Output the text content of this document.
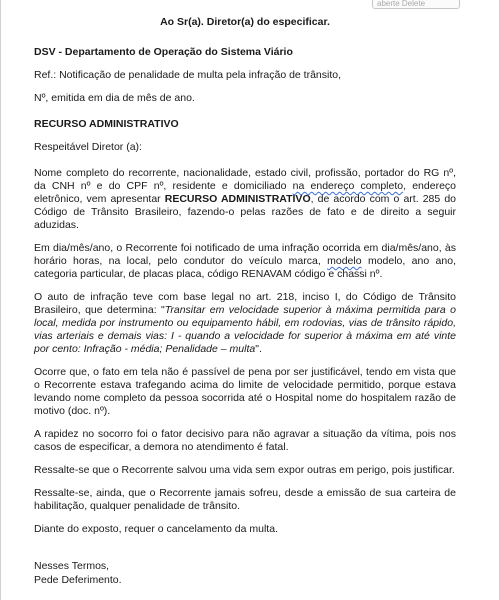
aberte Delete
Ao Sr(a). Diretor(a) do especificar.
DSV - Departamento de Operação do Sistema Viário
Ref.: Notificação de penalidade de multa pela infração de trânsito,
Nº, emitida em dia de mês de ano.
RECURSO ADMINISTRATIVO
Respeitável Diretor (a):
Nome completo do recorrente, nacionalidade, estado civil, profissão, portador do RG nº, da CNH nº e do CPF nº, residente e domiciliado na endereço completo, endereço eletrônico, vem apresentar RECURSO ADMINISTRATIVO, de acordo com o art. 285 do Código de Trânsito Brasileiro, fazendo-o pelas razões de fato e de direito a seguir aduzidas.
Em dia/mês/ano, o Recorrente foi notificado de uma infração ocorrida em dia/mês/ano, às horário horas, na local, pelo condutor do veículo marca, modelo modelo, ano ano, categoria particular, de placas placa, código RENAVAM código e chassi nº.
O auto de infração teve com base legal no art. 218, inciso I, do Código de Trânsito Brasileiro, que determina: "Transitar em velocidade superior à máxima permitida para o local, medida por instrumento ou equipamento hábil, em rodovias, vias de trânsito rápido, vias arteriais e demais vias: I - quando a velocidade for superior à máxima em até vinte por cento: Infração - média; Penalidade – multa".
Ocorre que, o fato em tela não é passível de pena por ser justificável, tendo em vista que o Recorrente estava trafegando acima do limite de velocidade permitido, porque estava levando nome completo da pessoa socorrida até o Hospital nome do hospitalem razão de motivo (doc. nº).
A rapidez no socorro foi o fator decisivo para não agravar a situação da vítima, pois nos casos de especificar, a demora no atendimento é fatal.
Ressalte-se que o Recorrente salvou uma vida sem expor outras em perigo, pois justificar.
Ressalte-se, ainda, que o Recorrente jamais sofreu, desde a emissão de sua carteira de habilitação, qualquer penalidade de trânsito.
Diante do exposto, requer o cancelamento da multa.
Nesses Termos,
Pede Deferimento.
